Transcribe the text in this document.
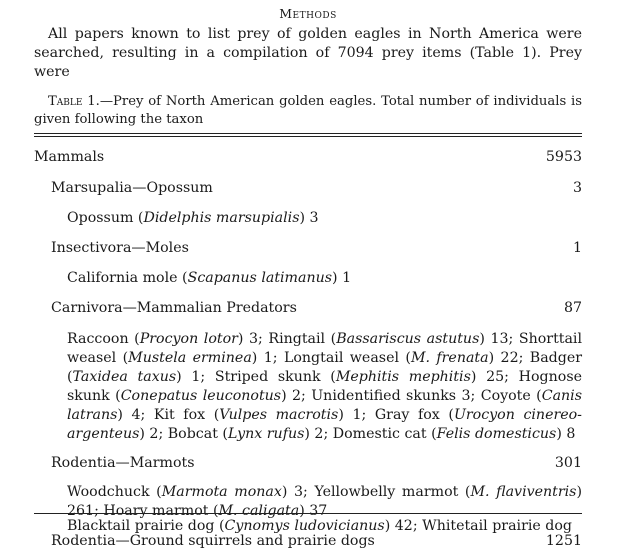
Methods

All papers known to list prey of golden eagles in North America were searched, resulting in a compilation of 7094 prey items (Table 1). Prey were

Table 1.—Prey of North American golden eagles. Total number of individuals is given following the taxon

Mammals	5953
Marsupalia—Opossum	3

Opossum (Didelphis marsupialis) 3

Insectivora—Moles	1

California mole (Scapanus latimanus) 1

Carnivora—Mammalian Predators	87

Raccoon (Procyon lotor) 3; Ringtail (Bassariscus astutus) 13; Shorttail weasel (Mustela erminea) 1; Longtail weasel (M. frenata) 22; Badger (Taxidea taxus) 1; Striped skunk (Mephitis mephitis) 25; Hognose skunk (Conepatus leuconotus) 2; Unidentified skunks 3; Coyote (Canis latrans) 4; Kit fox (Vulpes macrotis) 1; Gray fox (Urocyon cinereo-argenteus) 2; Bobcat (Lynx rufus) 2; Domestic cat (Felis domesticus) 8

Rodentia—Marmots	301

Woodchuck (Marmota monax) 3; Yellowbelly marmot (M. flaviventris) 261; Hoary marmot (M. caligata) 37

Rodentia—Ground squirrels and prairie dogs	1251

Blacktail prairie dog (Cynomys ludovicianus) 42; Whitetail prairie dog
